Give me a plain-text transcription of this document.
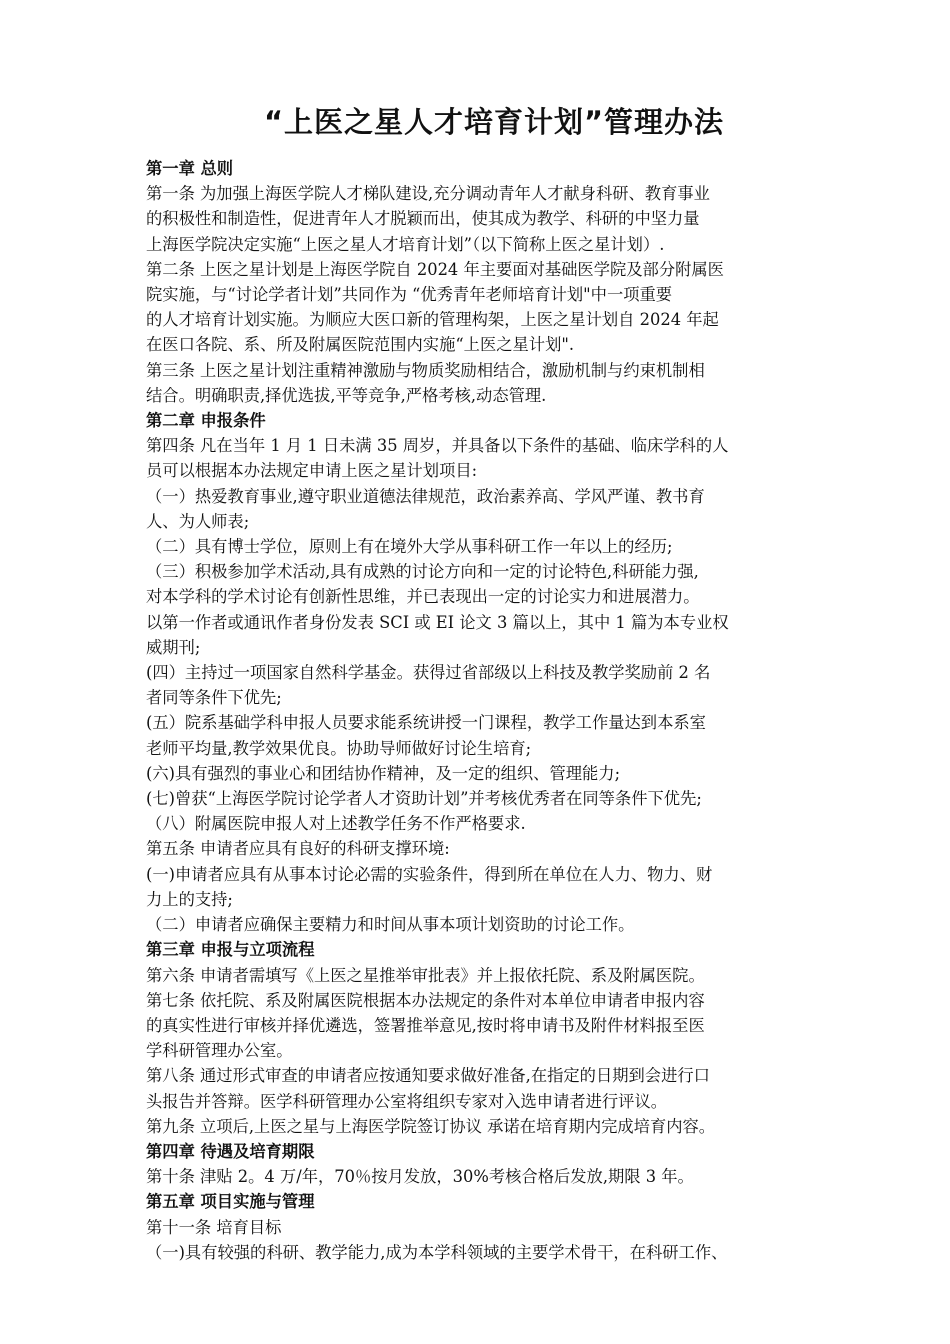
“上医之星人才培育计划”管理办法

第一章 总则

第一条 为加强上海医学院人才梯队建设,充分调动青年人才献身科研、教育事业

的积极性和制造性，促进青年人才脱颖而出，使其成为教学、科研的中坚力量

上海医学院决定实施“上医之星人才培育计划”（以下简称上医之星计划）.

第二条 上医之星计划是上海医学院自 2024 年主要面对基础医学院及部分附属医

院实施，与“讨论学者计划”共同作为 “优秀青年老师培育计划"中一项重要

的人才培育计划实施。为顺应大医口新的管理构架，上医之星计划自 2024 年起

在医口各院、系、所及附属医院范围内实施“上医之星计划".

第三条 上医之星计划注重精神激励与物质奖励相结合，激励机制与约束机制相

结合。明确职责,择优选拔,平等竞争,严格考核,动态管理.

第二章 申报条件

第四条 凡在当年 1 月 1 日未满 35 周岁，并具备以下条件的基础、临床学科的人

员可以根据本办法规定申请上医之星计划项目:

（一）热爱教育事业,遵守职业道德法律规范，政治素养高、学风严谨、教书育

人、为人师表;

（二）具有博士学位，原则上有在境外大学从事科研工作一年以上的经历;

（三）积极参加学术活动,具有成熟的讨论方向和一定的讨论特色,科研能力强,

对本学科的学术讨论有创新性思维，并已表现出一定的讨论实力和进展潜力。

以第一作者或通讯作者身份发表 SCI 或 EI 论文 3 篇以上，其中 1 篇为本专业权

威期刊;

(四）主持过一项国家自然科学基金。获得过省部级以上科技及教学奖励前 2 名

者同等条件下优先;

(五）院系基础学科申报人员要求能系统讲授一门课程，教学工作量达到本系室

老师平均量,教学效果优良。协助导师做好讨论生培育;

(六)具有强烈的事业心和团结协作精神，及一定的组织、管理能力;

(七)曾获“上海医学院讨论学者人才资助计划”并考核优秀者在同等条件下优先;

（八）附属医院申报人对上述教学任务不作严格要求.

第五条 申请者应具有良好的科研支撑环境:

(一)申请者应具有从事本讨论必需的实验条件，得到所在单位在人力、物力、财

力上的支持;

（二）申请者应确保主要精力和时间从事本项计划资助的讨论工作。

第三章 申报与立项流程

第六条 申请者需填写《上医之星推举审批表》并上报依托院、系及附属医院。

第七条 依托院、系及附属医院根据本办法规定的条件对本单位申请者申报内容

的真实性进行审核并择优遴选，签署推举意见,按时将申请书及附件材料报至医

学科研管理办公室。

第八条 通过形式审查的申请者应按通知要求做好准备,在指定的日期到会进行口

头报告并答辩。医学科研管理办公室将组织专家对入选申请者进行评议。

第九条 立项后,上医之星与上海医学院签订协议 承诺在培育期内完成培育内容。

第四章 待遇及培育期限

第十条 津贴 2。4 万/年，70％按月发放，30%考核合格后发放,期限 3 年。

第五章 项目实施与管理

第十一条 培育目标

（一)具有较强的科研、教学能力,成为本学科领域的主要学术骨干，在科研工作、
